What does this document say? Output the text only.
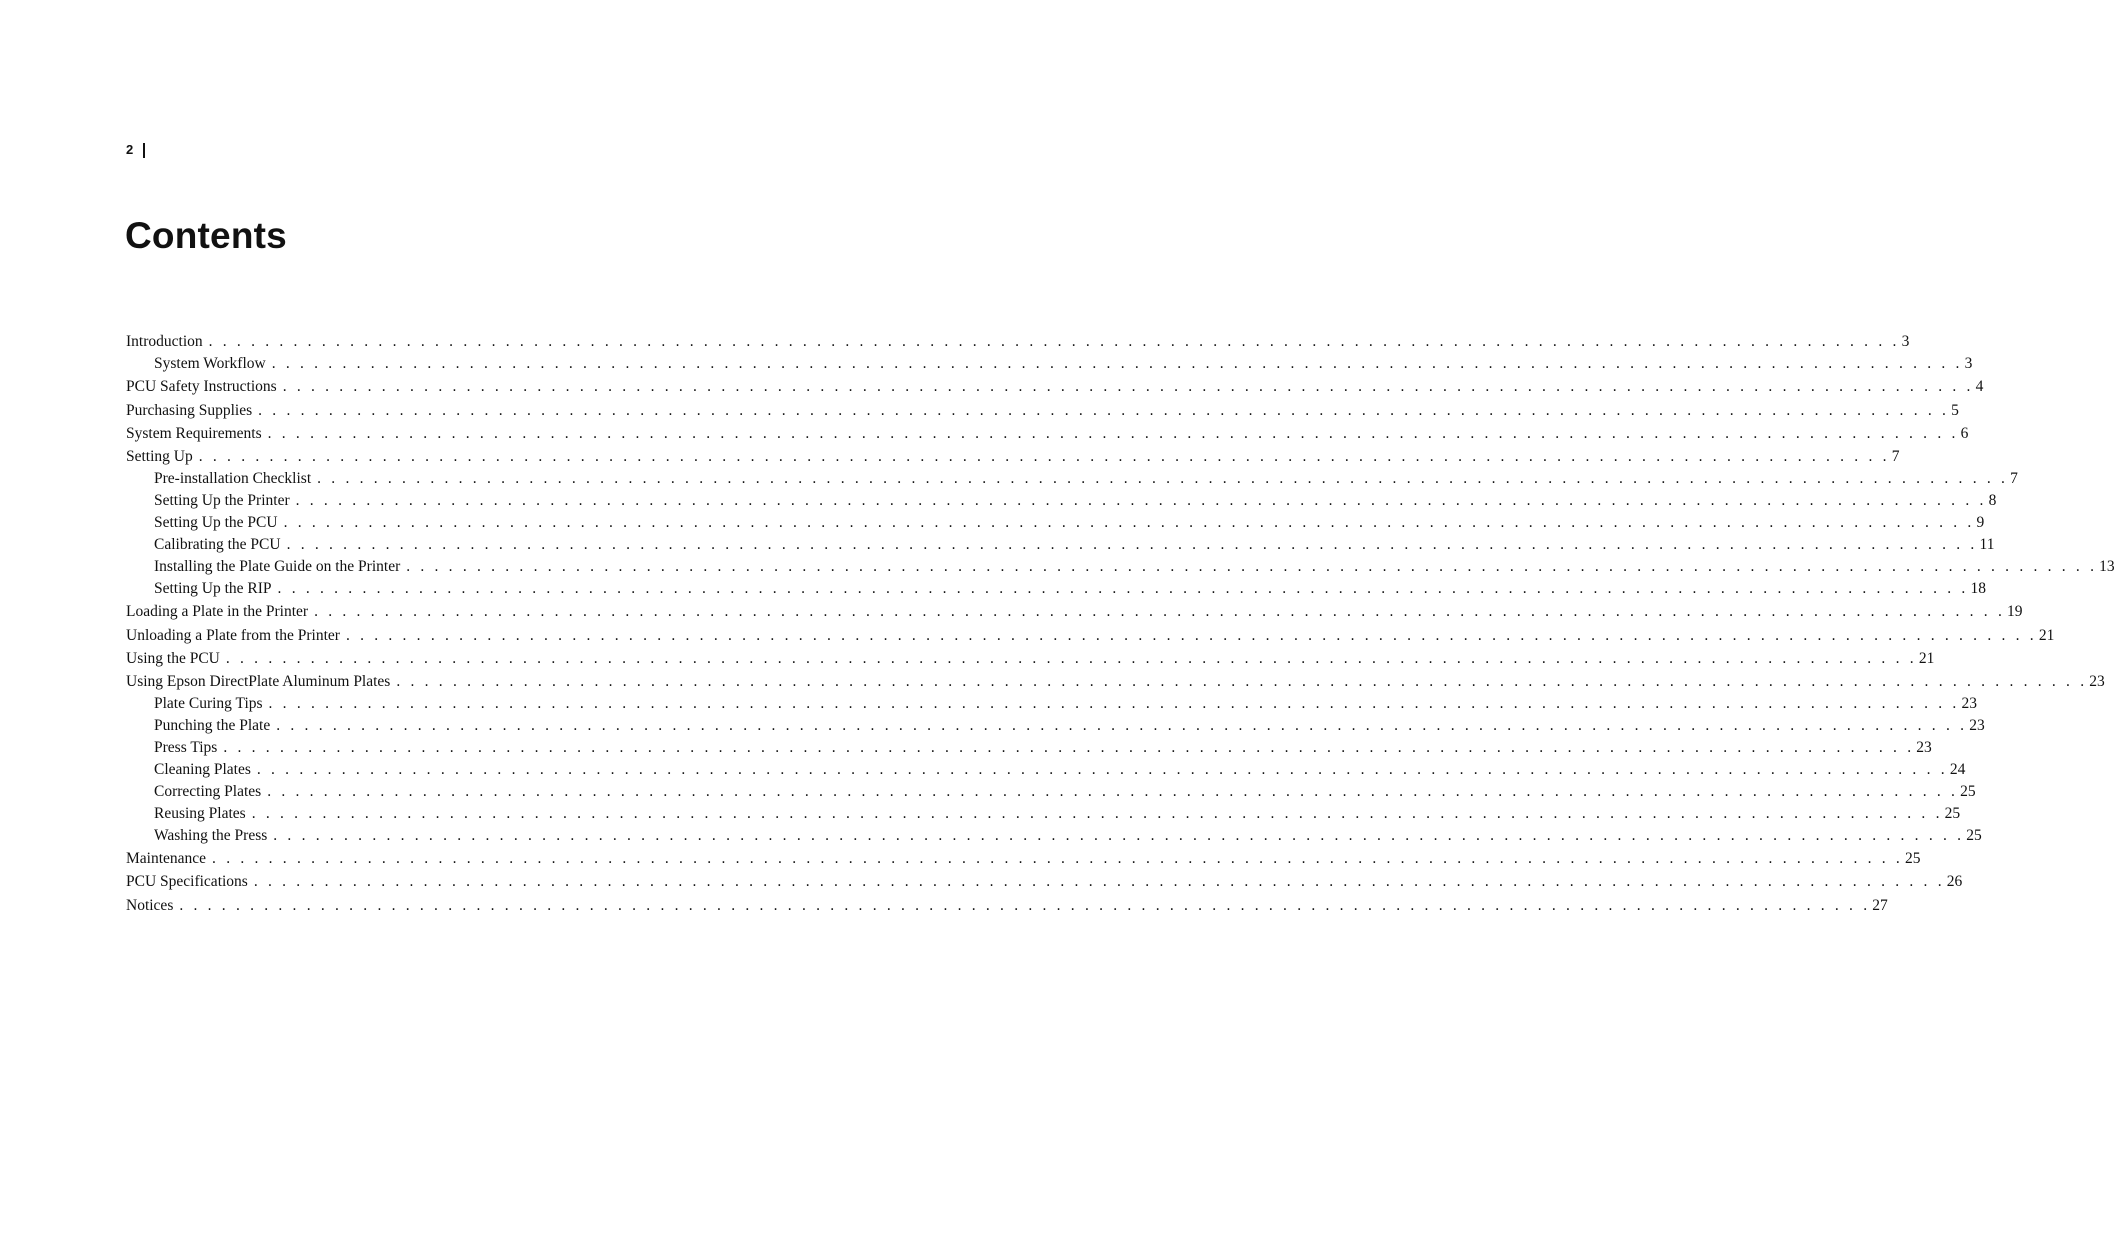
2
Contents
Introduction . . . . . . . . . . . . . . . . . . . . . . . . . . . . . . . . . . . . . . . . . . . . . . . . . . . . . . . . . . . . . . . . . . . . . . . . . . . . . . . . . . . . . . . . . . . . . . . . . . . . . . . . . . . . . . . . . . . . . . . . 3
System Workflow . . . . . . . . . . . . . . . . . . . . . . . . . . . . . . . . . . . . . . . . . . . . . . . . . . . . . . . . . . . . . . . . . . . . . . . . . . . . . . . . . . . . . . . . . . . . . . . . . . . . . . . . . . . . . . . . . . . . . . . . 3
PCU Safety Instructions . . . . . . . . . . . . . . . . . . . . . . . . . . . . . . . . . . . . . . . . . . . . . . . . . . . . . . . . . . . . . . . . . . . . . . . . . . . . . . . . . . . . . . . . . . . . . . . . . . . . . . . . . . . . . . . . . . . . . . . . 4
Purchasing Supplies . . . . . . . . . . . . . . . . . . . . . . . . . . . . . . . . . . . . . . . . . . . . . . . . . . . . . . . . . . . . . . . . . . . . . . . . . . . . . . . . . . . . . . . . . . . . . . . . . . . . . . . . . . . . . . . . . . . . . . . . 5
System Requirements . . . . . . . . . . . . . . . . . . . . . . . . . . . . . . . . . . . . . . . . . . . . . . . . . . . . . . . . . . . . . . . . . . . . . . . . . . . . . . . . . . . . . . . . . . . . . . . . . . . . . . . . . . . . . . . . . . . . . . . . 6
Setting Up . . . . . . . . . . . . . . . . . . . . . . . . . . . . . . . . . . . . . . . . . . . . . . . . . . . . . . . . . . . . . . . . . . . . . . . . . . . . . . . . . . . . . . . . . . . . . . . . . . . . . . . . . . . . . . . . . . . . . . . . 7
Pre-installation Checklist . . . . . . . . . . . . . . . . . . . . . . . . . . . . . . . . . . . . . . . . . . . . . . . . . . . . . . . . . . . . . . . . . . . . . . . . . . . . . . . . . . . . . . . . . . . . . . . . . . . . . . . . . . . . . . . . . . . . . . . . 7
Setting Up the Printer . . . . . . . . . . . . . . . . . . . . . . . . . . . . . . . . . . . . . . . . . . . . . . . . . . . . . . . . . . . . . . . . . . . . . . . . . . . . . . . . . . . . . . . . . . . . . . . . . . . . . . . . . . . . . . . . . . . . . . . . 8
Setting Up the PCU . . . . . . . . . . . . . . . . . . . . . . . . . . . . . . . . . . . . . . . . . . . . . . . . . . . . . . . . . . . . . . . . . . . . . . . . . . . . . . . . . . . . . . . . . . . . . . . . . . . . . . . . . . . . . . . . . . . . . . . . 9
Calibrating the PCU . . . . . . . . . . . . . . . . . . . . . . . . . . . . . . . . . . . . . . . . . . . . . . . . . . . . . . . . . . . . . . . . . . . . . . . . . . . . . . . . . . . . . . . . . . . . . . . . . . . . . . . . . . . . . . . . . . . . . . . . 11
Installing the Plate Guide on the Printer . . . . . . . . . . . . . . . . . . . . . . . . . . . . . . . . . . . . . . . . . . . . . . . . . . . . . . . . . . . . . . . . . . . . . . . . . . . . . . . . . . . . . . . . . . . . . . . . . . . . . . . . . . . . . . . . . . . . . . . . 13
Setting Up the RIP . . . . . . . . . . . . . . . . . . . . . . . . . . . . . . . . . . . . . . . . . . . . . . . . . . . . . . . . . . . . . . . . . . . . . . . . . . . . . . . . . . . . . . . . . . . . . . . . . . . . . . . . . . . . . . . . . . . . . . . . 18
Loading a Plate in the Printer . . . . . . . . . . . . . . . . . . . . . . . . . . . . . . . . . . . . . . . . . . . . . . . . . . . . . . . . . . . . . . . . . . . . . . . . . . . . . . . . . . . . . . . . . . . . . . . . . . . . . . . . . . . . . . . . . . . . . . . . 19
Unloading a Plate from the Printer . . . . . . . . . . . . . . . . . . . . . . . . . . . . . . . . . . . . . . . . . . . . . . . . . . . . . . . . . . . . . . . . . . . . . . . . . . . . . . . . . . . . . . . . . . . . . . . . . . . . . . . . . . . . . . . . . . . . . . . . 21
Using the PCU . . . . . . . . . . . . . . . . . . . . . . . . . . . . . . . . . . . . . . . . . . . . . . . . . . . . . . . . . . . . . . . . . . . . . . . . . . . . . . . . . . . . . . . . . . . . . . . . . . . . . . . . . . . . . . . . . . . . . . . . 21
Using Epson DirectPlate Aluminum Plates . . . . . . . . . . . . . . . . . . . . . . . . . . . . . . . . . . . . . . . . . . . . . . . . . . . . . . . . . . . . . . . . . . . . . . . . . . . . . . . . . . . . . . . . . . . . . . . . . . . . . . . . . . . . . . . . . . . . . . . . 23
Plate Curing Tips . . . . . . . . . . . . . . . . . . . . . . . . . . . . . . . . . . . . . . . . . . . . . . . . . . . . . . . . . . . . . . . . . . . . . . . . . . . . . . . . . . . . . . . . . . . . . . . . . . . . . . . . . . . . . . . . . . . . . . . . 23
Punching the Plate . . . . . . . . . . . . . . . . . . . . . . . . . . . . . . . . . . . . . . . . . . . . . . . . . . . . . . . . . . . . . . . . . . . . . . . . . . . . . . . . . . . . . . . . . . . . . . . . . . . . . . . . . . . . . . . . . . . . . . . . 23
Press Tips . . . . . . . . . . . . . . . . . . . . . . . . . . . . . . . . . . . . . . . . . . . . . . . . . . . . . . . . . . . . . . . . . . . . . . . . . . . . . . . . . . . . . . . . . . . . . . . . . . . . . . . . . . . . . . . . . . . . . . . . 23
Cleaning Plates . . . . . . . . . . . . . . . . . . . . . . . . . . . . . . . . . . . . . . . . . . . . . . . . . . . . . . . . . . . . . . . . . . . . . . . . . . . . . . . . . . . . . . . . . . . . . . . . . . . . . . . . . . . . . . . . . . . . . . . . 24
Correcting Plates . . . . . . . . . . . . . . . . . . . . . . . . . . . . . . . . . . . . . . . . . . . . . . . . . . . . . . . . . . . . . . . . . . . . . . . . . . . . . . . . . . . . . . . . . . . . . . . . . . . . . . . . . . . . . . . . . . . . . . . . 25
Reusing Plates . . . . . . . . . . . . . . . . . . . . . . . . . . . . . . . . . . . . . . . . . . . . . . . . . . . . . . . . . . . . . . . . . . . . . . . . . . . . . . . . . . . . . . . . . . . . . . . . . . . . . . . . . . . . . . . . . . . . . . . . 25
Washing the Press . . . . . . . . . . . . . . . . . . . . . . . . . . . . . . . . . . . . . . . . . . . . . . . . . . . . . . . . . . . . . . . . . . . . . . . . . . . . . . . . . . . . . . . . . . . . . . . . . . . . . . . . . . . . . . . . . . . . . . . . 25
Maintenance . . . . . . . . . . . . . . . . . . . . . . . . . . . . . . . . . . . . . . . . . . . . . . . . . . . . . . . . . . . . . . . . . . . . . . . . . . . . . . . . . . . . . . . . . . . . . . . . . . . . . . . . . . . . . . . . . . . . . . . . 25
PCU Specifications . . . . . . . . . . . . . . . . . . . . . . . . . . . . . . . . . . . . . . . . . . . . . . . . . . . . . . . . . . . . . . . . . . . . . . . . . . . . . . . . . . . . . . . . . . . . . . . . . . . . . . . . . . . . . . . . . . . . . . . . 26
Notices . . . . . . . . . . . . . . . . . . . . . . . . . . . . . . . . . . . . . . . . . . . . . . . . . . . . . . . . . . . . . . . . . . . . . . . . . . . . . . . . . . . . . . . . . . . . . . . . . . . . . . . . . . . . . . . . . . . . . . . . 27
